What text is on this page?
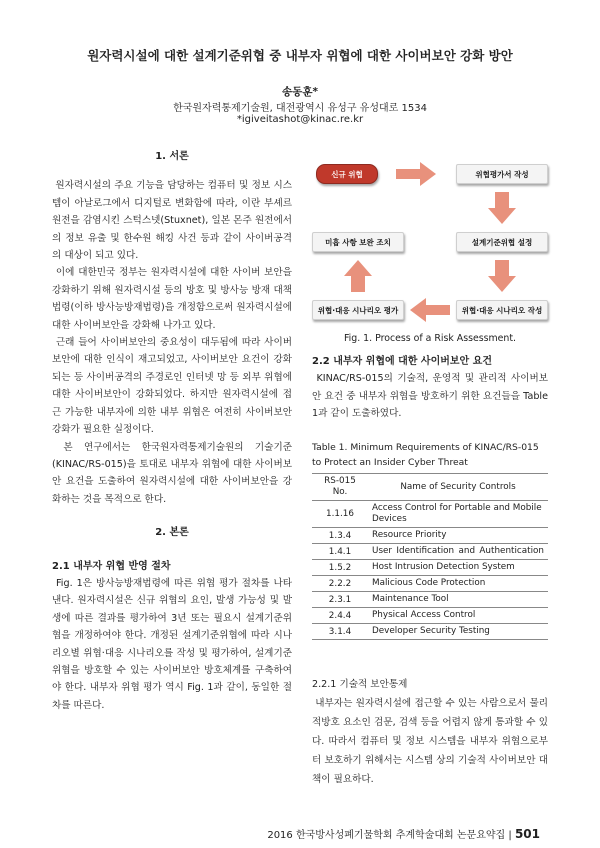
원자력시설에 대한 설계기준위협 중 내부자 위협에 대한 사이버보안 강화 방안
송동훈*
한국원자력통제기술원, 대전광역시 유성구 유성대로 1534
*igiveitashot@kinac.re.kr
1. 서론

원자력시설의 주요 기능을 담당하는 컴퓨터 및 정보 시스템이 아날로그에서 디지털로 변화함에 따라, 이란 부셰르 원전을 감염시킨 스턱스넷(Stuxnet), 일본 몬주 원전에서의 정보 유출 및 한수원 해킹 사건 등과 같이 사이버공격의 대상이 되고 있다.

이에 대한민국 정부는 원자력시설에 대한 사이버 보안을 강화하기 위해 원자력시설 등의 방호 및 방사능 방재 대책법령(이하 방사능방재법령)을 개정함으로써 원자력시설에 대한 사이버보안을 강화해 나가고 있다.

근래 들어 사이버보안의 중요성이 대두됨에 따라 사이버보안에 대한 인식이 재고되었고, 사이버보안 요건이 강화되는 등 사이버공격의 주경로인 인터넷 망 등 외부 위협에 대한 사이버보안이 강화되었다. 하지만 원자력시설에 접근 가능한 내부자에 의한 내부 위협은 여전히 사이버보안 강화가 필요한 실정이다.

본 연구에서는 한국원자력통제기술원의 기술기준(KINAC/RS-015)을 토대로 내부자 위협에 대한 사이버보안 요건을 도출하여 원자력시설에 대한 사이버보안을 강화하는 것을 목적으로 한다.

2. 본론
2.1 내부자 위협 반영 절차

Fig. 1은 방사능방재법령에 따른 위협 평가 절차를 나타낸다. 원자력시설은 신규 위협의 요인, 발생 가능성 및 발생에 따른 결과를 평가하여 3년 또는 필요시 설계기준위협을 개정하여야 한다. 개정된 설계기준위협에 따라 시나리오별 위협·대응 시나리오를 작성 및 평가하여, 설계기준위협을 방호할 수 있는 사이버보안 방호체계를 구축하여야 한다. 내부자 위협 평가 역시 Fig. 1과 같이, 동일한 절차를 따른다.

신규 위협	위협평가서 작성
설계기준위협 설정
미흡 사항 보완 조치
위협·대응 시나리오 평가	위협·대응 시나리오 작성
Fig. 1. Process of a Risk Assessment.
2.2 내부자 위협에 대한 사이버보안 요건

KINAC/RS-015의 기술적, 운영적 및 관리적 사이버보안 요건 중 내부자 위협을 방호하기 위한 요건들을 Table 1과 같이 도출하였다.

Table 1. Minimum Requirements of KINAC/RS-015 to Protect an Insider Cyber Threat
RS-015 No.	Name of Security Controls
1.1.16	Access Control for Portable and Mobile Devices
1.3.4	Resource Priority
1.4.1	User Identification and Authentication
1.5.2	Host Intrusion Detection System
2.2.2	Malicious Code Protection
2.3.1	Maintenance Tool
2.4.4	Physical Access Control
3.1.4	Developer Security Testing
2.2.1 기술적 보안통제

내부자는 원자력시설에 접근할 수 있는 사람으로서 물리적방호 요소인 검문, 검색 등을 어렵지 않게 통과할 수 있다. 따라서 컴퓨터 및 정보 시스템을 내부자 위협으로부터 보호하기 위해서는 시스템 상의 기술적 사이버보안 대책이 필요하다.

2016 한국방사성폐기물학회 추계학술대회 논문요약집 | 501
